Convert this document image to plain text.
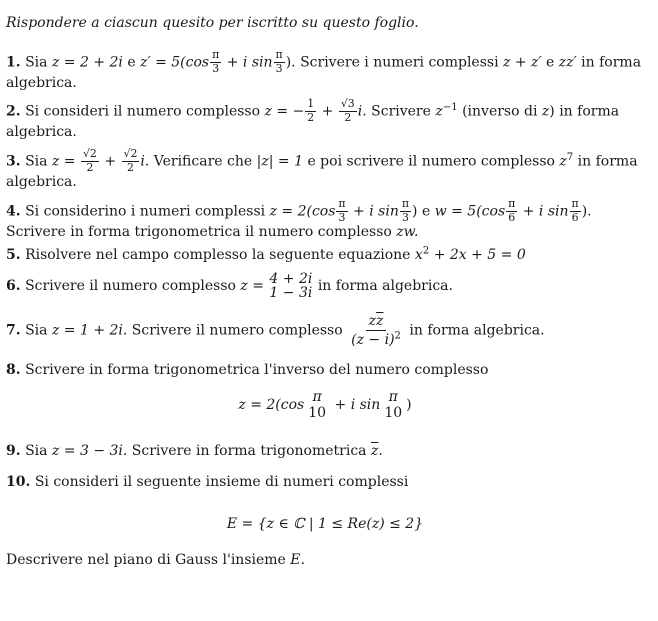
Rispondere a ciascun quesito per iscritto su questo foglio.
1. Sia z = 2 + 2i e $z' = 5(\cos \frac{\pi}{3} + i$ $\sin \frac{\pi}{3}$ ). Scrivere i numeri complessi z + z′ e zz′ in forma algebrica.
2. Si consideri il numero complesso z = − $\frac{1}{2} + \frac{√3}{2} i$. Scrivere $z^{-1}$ (inverso di z) in forma algebrica.
3. Sia $z = \frac{√2}{2} + \frac{√2}{2} i$. Verificare che |z| = 1 e poi scrivere il numero complesso $z^7$ in forma algebrica.
4. Si considerino i numeri complessi $z = 2(\cos \frac{\pi}{3} + i$ $\sin \frac{\pi}{3}$ ) e $w = 5(\cos \frac{\pi}{6} + i$ $\sin \frac{\pi}{6}$ ). Scrivere in forma trigonometrica il numero complesso zw.
5. Risolvere nel campo complesso la seguente equazione $x^2 + 2x + 5 = 0$
6. Scrivere il numero complesso z = 4 + 2i
1 − 3i in forma algebrica.
7. Sia z = 1 + 2i. Scrivere il numero complesso $\frac{z\overline{z}}{(z - i)^2}$ in forma algebrica.
8. Scrivere in forma trigonometrica l'inverso del numero complesso
z = 2(cos π
10 + i sin π
10 )
9. Sia z = 3 − 3i. Scrivere in forma trigonometrica $\overline{z}$.
10. Si consideri il seguente insieme di numeri complessi
E = {z ∈ ℂ | 1 ≤ Re(z) ≤ 2}
Descrivere nel piano di Gauss l'insieme E.
